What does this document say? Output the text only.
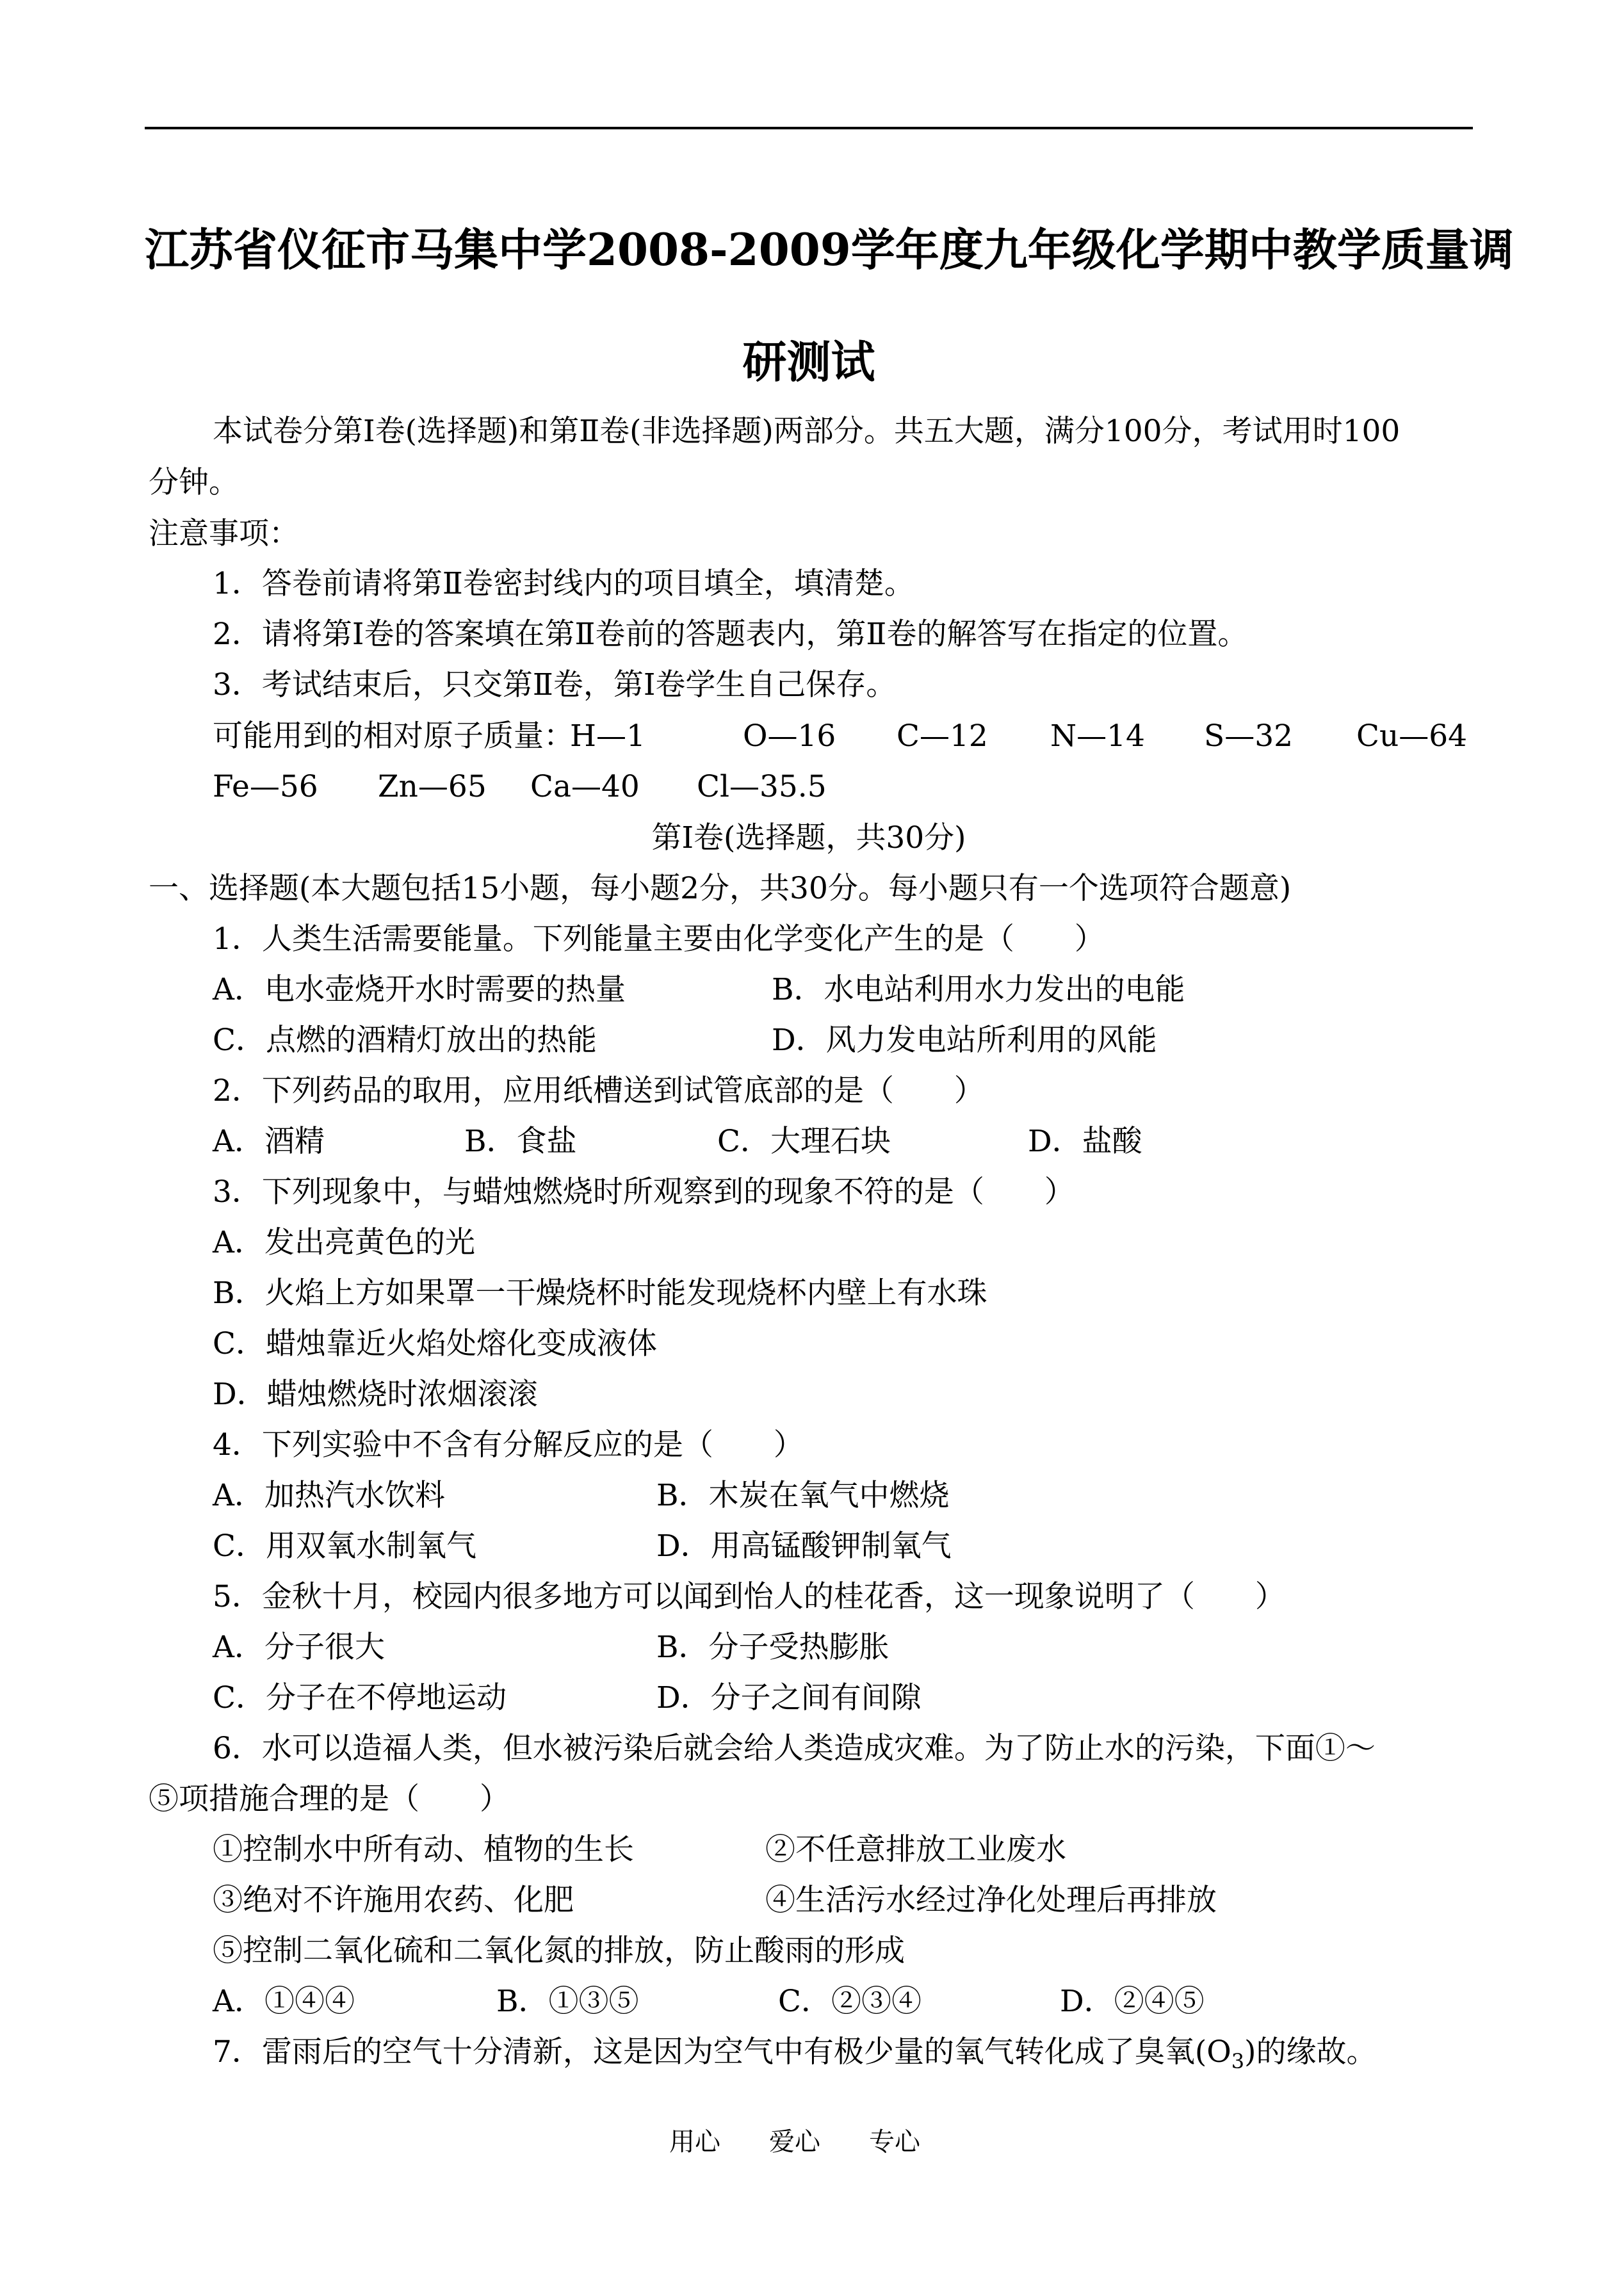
江苏省仪征市马集中学2008-2009学年度九年级化学期中教学质量调
研测试
本试卷分第Ⅰ卷(选择题)和第Ⅱ卷(非选择题)两部分。共五大题，满分100分，考试用时100
分钟。
注意事项：
1．答卷前请将第Ⅱ卷密封线内的项目填全，填清楚。
2．请将第Ⅰ卷的答案填在第Ⅱ卷前的答题表内，第Ⅱ卷的解答写在指定的位置。
3．考试结束后，只交第Ⅱ卷，第Ⅰ卷学生自己保存。
可能用到的相对原子质量：
H—1	O—16 C—12 N—14 S—32 Cu—64
Fe—56 Zn—65 Ca—40 Cl—35.5
第Ⅰ卷(选择题，共30分)
一、选择题(本大题包括15小题，每小题2分，共30分。每小题只有一个选项符合题意)
1．人类生活需要能量。下列能量主要由化学变化产生的是（　　）
A．电水壶烧开水时需要的热量	B．水电站利用水力发出的电能
C．点燃的酒精灯放出的热能	D．风力发电站所利用的风能
2．下列药品的取用，应用纸槽送到试管底部的是（　　）
A．酒精	B．食盐	C．大理石块	D．盐酸
3．下列现象中，与蜡烛燃烧时所观察到的现象不符的是（　　）
A．发出亮黄色的光
B．火焰上方如果罩一干燥烧杯时能发现烧杯内壁上有水珠
C．蜡烛靠近火焰处熔化变成液体
D．蜡烛燃烧时浓烟滚滚
4．下列实验中不含有分解反应的是（　　）
A．加热汽水饮料	B．木炭在氧气中燃烧
C．用双氧水制氧气	D．用高锰酸钾制氧气
5．金秋十月，校园内很多地方可以闻到怡人的桂花香，这一现象说明了（　　）
A．分子很大	B．分子受热膨胀
C．分子在不停地运动	D．分子之间有间隙
6．水可以造福人类，但水被污染后就会给人类造成灾难。为了防止水的污染，下面①～
⑤项措施合理的是（　　）
①控制水中所有动、植物的生长	②不任意排放工业废水
③绝对不许施用农药、化肥	④生活污水经过净化处理后再排放
⑤控制二氧化硫和二氧化氮的排放，防止酸雨的形成
A．①④④	B．①③⑤	C．②③④	D．②④⑤
7．雷雨后的空气十分清新，这是因为空气中有极少量的氧气转化成了臭氧$(O_3)$的缘故。
用心 爱心 专心
